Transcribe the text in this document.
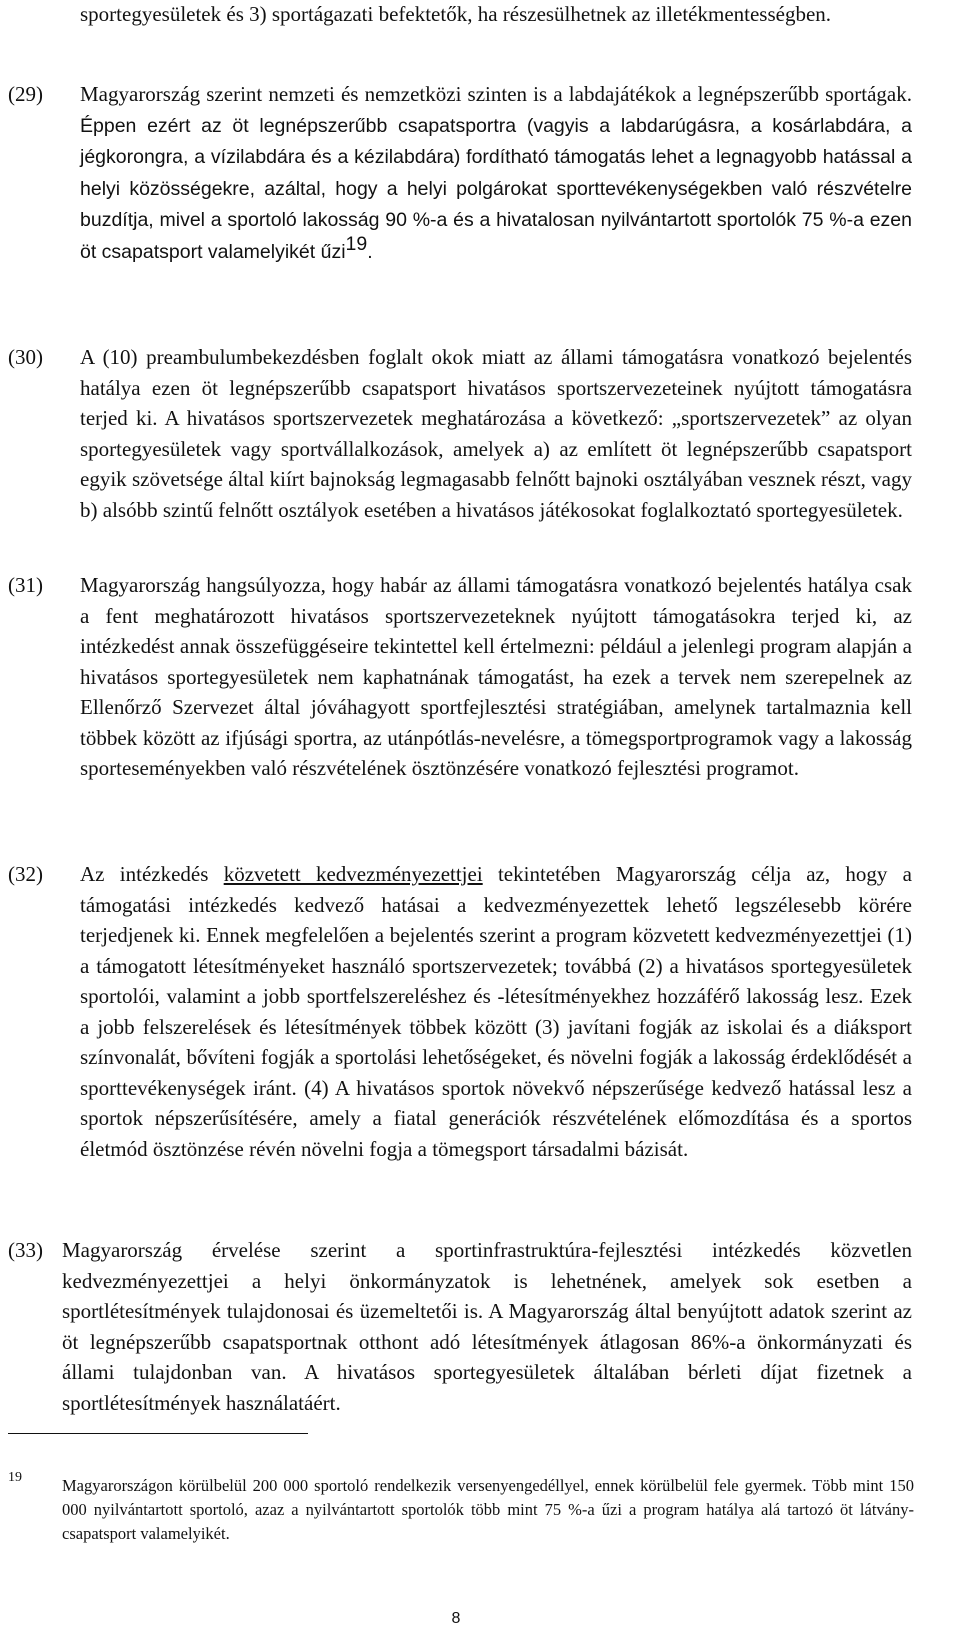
sportegyesületek és 3) sportágazati befektetők, ha részesülhetnek az illetékmentességben.
(29) Magyarország szerint nemzeti és nemzetközi szinten is a labdajátékok a legnépszerűbb sportágak. Éppen ezért az öt legnépszerűbb csapatsportra (vagyis a labdarúgásra, a kosárlabdára, a jégkorongra, a vízilabdára és a kézilabdára) fordítható támogatás lehet a legnagyobb hatással a helyi közösségekre, azáltal, hogy a helyi polgárokat sporttevékenységekben való részvételre buzdítja, mivel a sportoló lakosság 90 %-a és a hivatalosan nyilvántartott sportolók 75 %-a ezen öt csapatsport valamelyikét űzi$^{19}$.
(30) A (10) preambulumbekezdésben foglalt okok miatt az állami támogatásra vonatkozó bejelentés hatálya ezen öt legnépszerűbb csapatsport hivatásos sportszervezeteinek nyújtott támogatásra terjed ki. A hivatásos sportszervezetek meghatározása a következő: „sportszervezetek” az olyan sportegyesületek vagy sportvállalkozások, amelyek a) az említett öt legnépszerűbb csapatsport egyik szövetsége által kiírt bajnokság legmagasabb felnőtt bajnoki osztályában vesznek részt, vagy b) alsóbb szintű felnőtt osztályok esetében a hivatásos játékosokat foglalkoztató sportegyesületek.
(31) Magyarország hangsúlyozza, hogy habár az állami támogatásra vonatkozó bejelentés hatálya csak a fent meghatározott hivatásos sportszervezeteknek nyújtott támogatásokra terjed ki, az intézkedést annak összefüggéseire tekintettel kell értelmezni: például a jelenlegi program alapján a hivatásos sportegyesületek nem kaphatnának támogatást, ha ezek a tervek nem szerepelnek az Ellenőrző Szervezet által jóváhagyott sportfejlesztési stratégiában, amelynek tartalmaznia kell többek között az ifjúsági sportra, az utánpótlás-nevelésre, a tömegsportprogramok vagy a lakosság sporteseményekben való részvételének ösztönzésére vonatkozó fejlesztési programot.
(32) Az intézkedés közvetett kedvezményezettjei tekintetében Magyarország célja az, hogy a támogatási intézkedés kedvező hatásai a kedvezményezettek lehető legszélesebb körére terjedjenek ki. Ennek megfelelően a bejelentés szerint a program közvetett kedvezményezettjei (1) a támogatott létesítményeket használó sportszervezetek; továbbá (2) a hivatásos sportegyesületek sportolói, valamint a jobb sportfelszereléshez és -létesítményekhez hozzáférő lakosság lesz. Ezek a jobb felszerelések és létesítmények többek között (3) javítani fogják az iskolai és a diáksport színvonalát, bővíteni fogják a sportolási lehetőségeket, és növelni fogják a lakosság érdeklődését a sporttevékenységek iránt. (4) A hivatásos sportok növekvő népszerűsége kedvező hatással lesz a sportok népszerűsítésére, amely a fiatal generációk részvételének előmozdítása és a sportos életmód ösztönzése révén növelni fogja a tömegsport társadalmi bázisát.
(33) Magyarország érvelése szerint a sportinfrastruktúra-fejlesztési intézkedés közvetlen kedvezményezettjei a helyi önkormányzatok is lehetnének, amelyek sok esetben a sportlétesítmények tulajdonosai és üzemeltetői is. A Magyarország által benyújtott adatok szerint az öt legnépszerűbb csapatsportnak otthont adó létesítmények átlagosan 86%-a önkormányzati és állami tulajdonban van. A hivatásos sportegyesületek általában bérleti díjat fizetnek a sportlétesítmények használatáért.
19 Magyarországon körülbelül 200 000 sportoló rendelkezik versenyengedéllyel, ennek körülbelül fele gyermek. Több mint 150 000 nyilvántartott sportoló, azaz a nyilvántartott sportolók több mint 75 %-a űzi a program hatálya alá tartozó öt látvány-csapatsport valamelyikét.
8
